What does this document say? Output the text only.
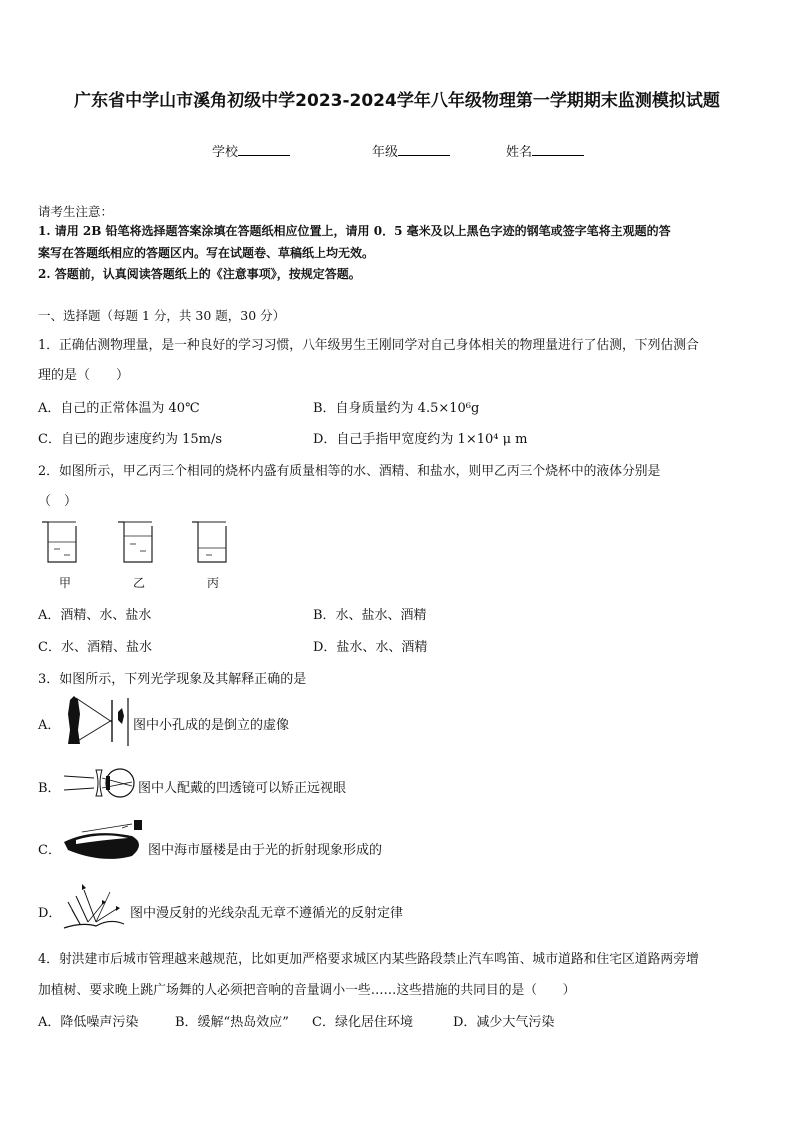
广东省中学山市溪角初级中学2023-2024学年八年级物理第一学期期末监测模拟试题
学校	年级	姓名
请考生注意：
1. 请用 2B 铅笔将选择题答案涂填在答题纸相应位置上，请用 0．5 毫米及以上黑色字迹的钢笔或签字笔将主观题的答
案写在答题纸相应的答题区内。写在试题卷、草稿纸上均无效。
2. 答题前，认真阅读答题纸上的《注意事项》，按规定答题。
一、选择题（每题 1 分，共 30 题，30 分）
1．正确估测物理量，是一种良好的学习习惯，八年级男生王刚同学对自己身体相关的物理量进行了估测，下列估测合
理的是（　　）
A．自己的正常体温为 40℃	B．自身质量约为 4.5×10⁶g
C．自已的跑步速度约为 15m/s	D．自己手指甲宽度约为 1×10⁴ μ m
2．如图所示，甲乙丙三个相同的烧杯内盛有质量相等的水、酒精、和盐水，则甲乙丙三个烧杯中的液体分别是
（　）
甲	乙	丙
A．酒精、水、盐水	B．水、盐水、酒精
C．水、酒精、盐水	D．盐水、水、酒精
3．如图所示，下列光学现象及其解释正确的是
A．	图中小孔成的是倒立的虚像
B．	图中人配戴的凹透镜可以矫正远视眼
C．	图中海市蜃楼是由于光的折射现象形成的
D．	图中漫反射的光线杂乱无章不遵循光的反射定律
4．射洪建市后城市管理越来越规范，比如更加严格要求城区内某些路段禁止汽车鸣笛、城市道路和住宅区道路两旁增
加植树、要求晚上跳广场舞的人必须把音响的音量调小一些……这些措施的共同目的是（　　）
A．降低噪声污染	B．缓解“热岛效应” C．绿化居住环境	D．减少大气污染
